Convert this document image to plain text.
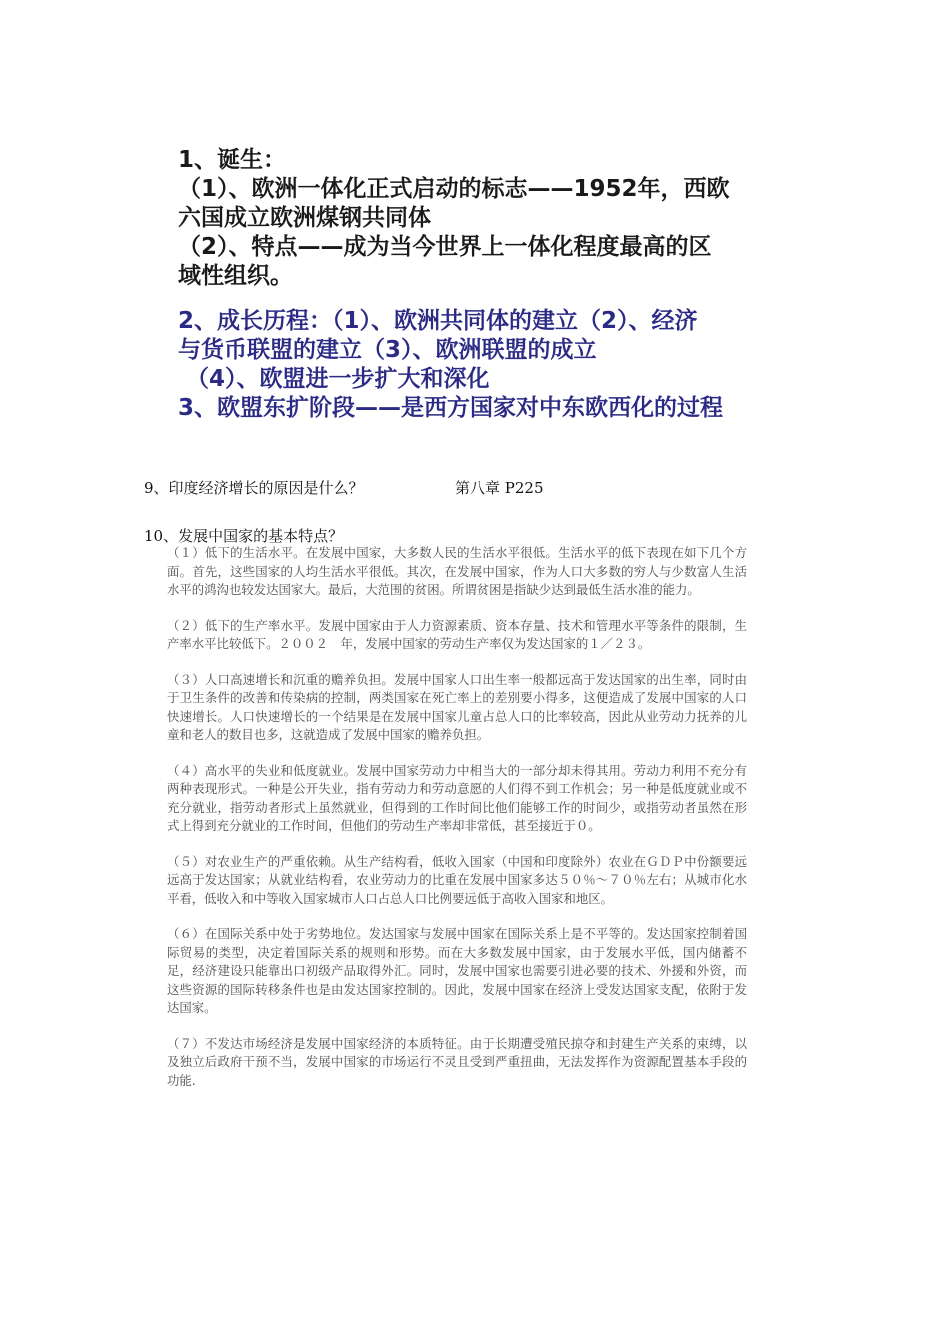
1、诞生：
（1）、欧洲一体化正式启动的标志——1952年，西欧
六国成立欧洲煤钢共同体
（2）、特点——成为当今世界上一体化程度最高的区
域性组织。
2、成长历程：（1）、欧洲共同体的建立（2）、经济
与货币联盟的建立（3）、欧洲联盟的成立
（4）、欧盟进一步扩大和深化
3、欧盟东扩阶段——是西方国家对中东欧西化的过程
9、印度经济增长的原因是什么？	第八章 P225
10、发展中国家的基本特点？

（１）低下的生活水平。在发展中国家，大多数人民的生活水平很低。生活水平的低下表现在如下几个方面。首先，这些国家的人均生活水平很低。其次，在发展中国家，作为人口大多数的穷人与少数富人生活水平的鸿沟也较发达国家大。最后，大范围的贫困。所谓贫困是指缺少达到最低生活水准的能力。

（２）低下的生产率水平。发展中国家由于人力资源素质、资本存量、技术和管理水平等条件的限制，生产率水平比较低下。２００２　年，发展中国家的劳动生产率仅为发达国家的１／２３。

（３）人口高速增长和沉重的赡养负担。发展中国家人口出生率一般都远高于发达国家的出生率，同时由于卫生条件的改善和传染病的控制，两类国家在死亡率上的差别要小得多，这便造成了发展中国家的人口快速增长。人口快速增长的一个结果是在发展中国家儿童占总人口的比率较高，因此从业劳动力抚养的儿童和老人的数目也多，这就造成了发展中国家的赡养负担。

（４）高水平的失业和低度就业。发展中国家劳动力中相当大的一部分却未得其用。劳动力利用不充分有两种表现形式。一种是公开失业，指有劳动力和劳动意愿的人们得不到工作机会；另一种是低度就业或不充分就业，指劳动者形式上虽然就业，但得到的工作时间比他们能够工作的时间少，或指劳动者虽然在形式上得到充分就业的工作时间，但他们的劳动生产率却非常低，甚至接近于０。

（５）对农业生产的严重依赖。从生产结构看，低收入国家（中国和印度除外）农业在ＧＤＰ中份额要远远高于发达国家；从就业结构看，农业劳动力的比重在发展中国家多达５０％～７０％左右；从城市化水平看，低收入和中等收入国家城市人口占总人口比例要远低于高收入国家和地区。

（６）在国际关系中处于劣势地位。发达国家与发展中国家在国际关系上是不平等的。发达国家控制着国际贸易的类型，决定着国际关系的规则和形势。而在大多数发展中国家，由于发展水平低，国内储蓄不足，经济建设只能靠出口初级产品取得外汇。同时，发展中国家也需要引进必要的技术、外援和外资，而这些资源的国际转移条件也是由发达国家控制的。因此，发展中国家在经济上受发达国家支配，依附于发达国家。

（７）不发达市场经济是发展中国家经济的本质特征。由于长期遭受殖民掠夺和封建生产关系的束缚，以及独立后政府干预不当，发展中国家的市场运行不灵且受到严重扭曲，无法发挥作为资源配置基本手段的功能.
